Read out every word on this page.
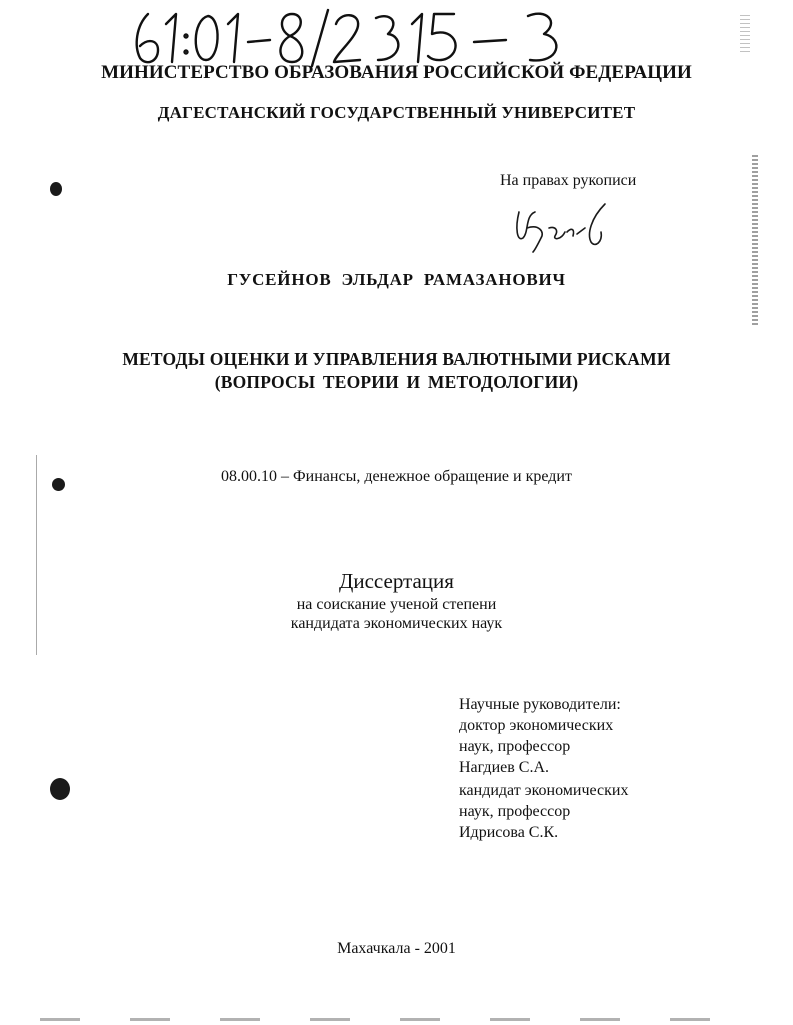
МИНИСТЕРСТВО ОБРАЗОВАНИЯ РОССИЙСКОЙ ФЕДЕРАЦИИ
ДАГЕСТАНСКИЙ ГОСУДАРСТВЕННЫЙ УНИВЕРСИТЕТ
На правах рукописи
ГУСЕЙНОВ ЭЛЬДАР РАМАЗАНОВИЧ
МЕТОДЫ ОЦЕНКИ И УПРАВЛЕНИЯ ВАЛЮТНЫМИ РИСКАМИ
(ВОПРОСЫ ТЕОРИИ И МЕТОДОЛОГИИ)
08.00.10 – Финансы, денежное обращение и кредит
Диссертация
на соискание ученой степени
кандидата экономических наук
Научные руководители:
доктор экономических
наук, профессор
Нагдиев С.А.
кандидат экономических
наук, профессор
Идрисова С.К.
Махачкала - 2001
